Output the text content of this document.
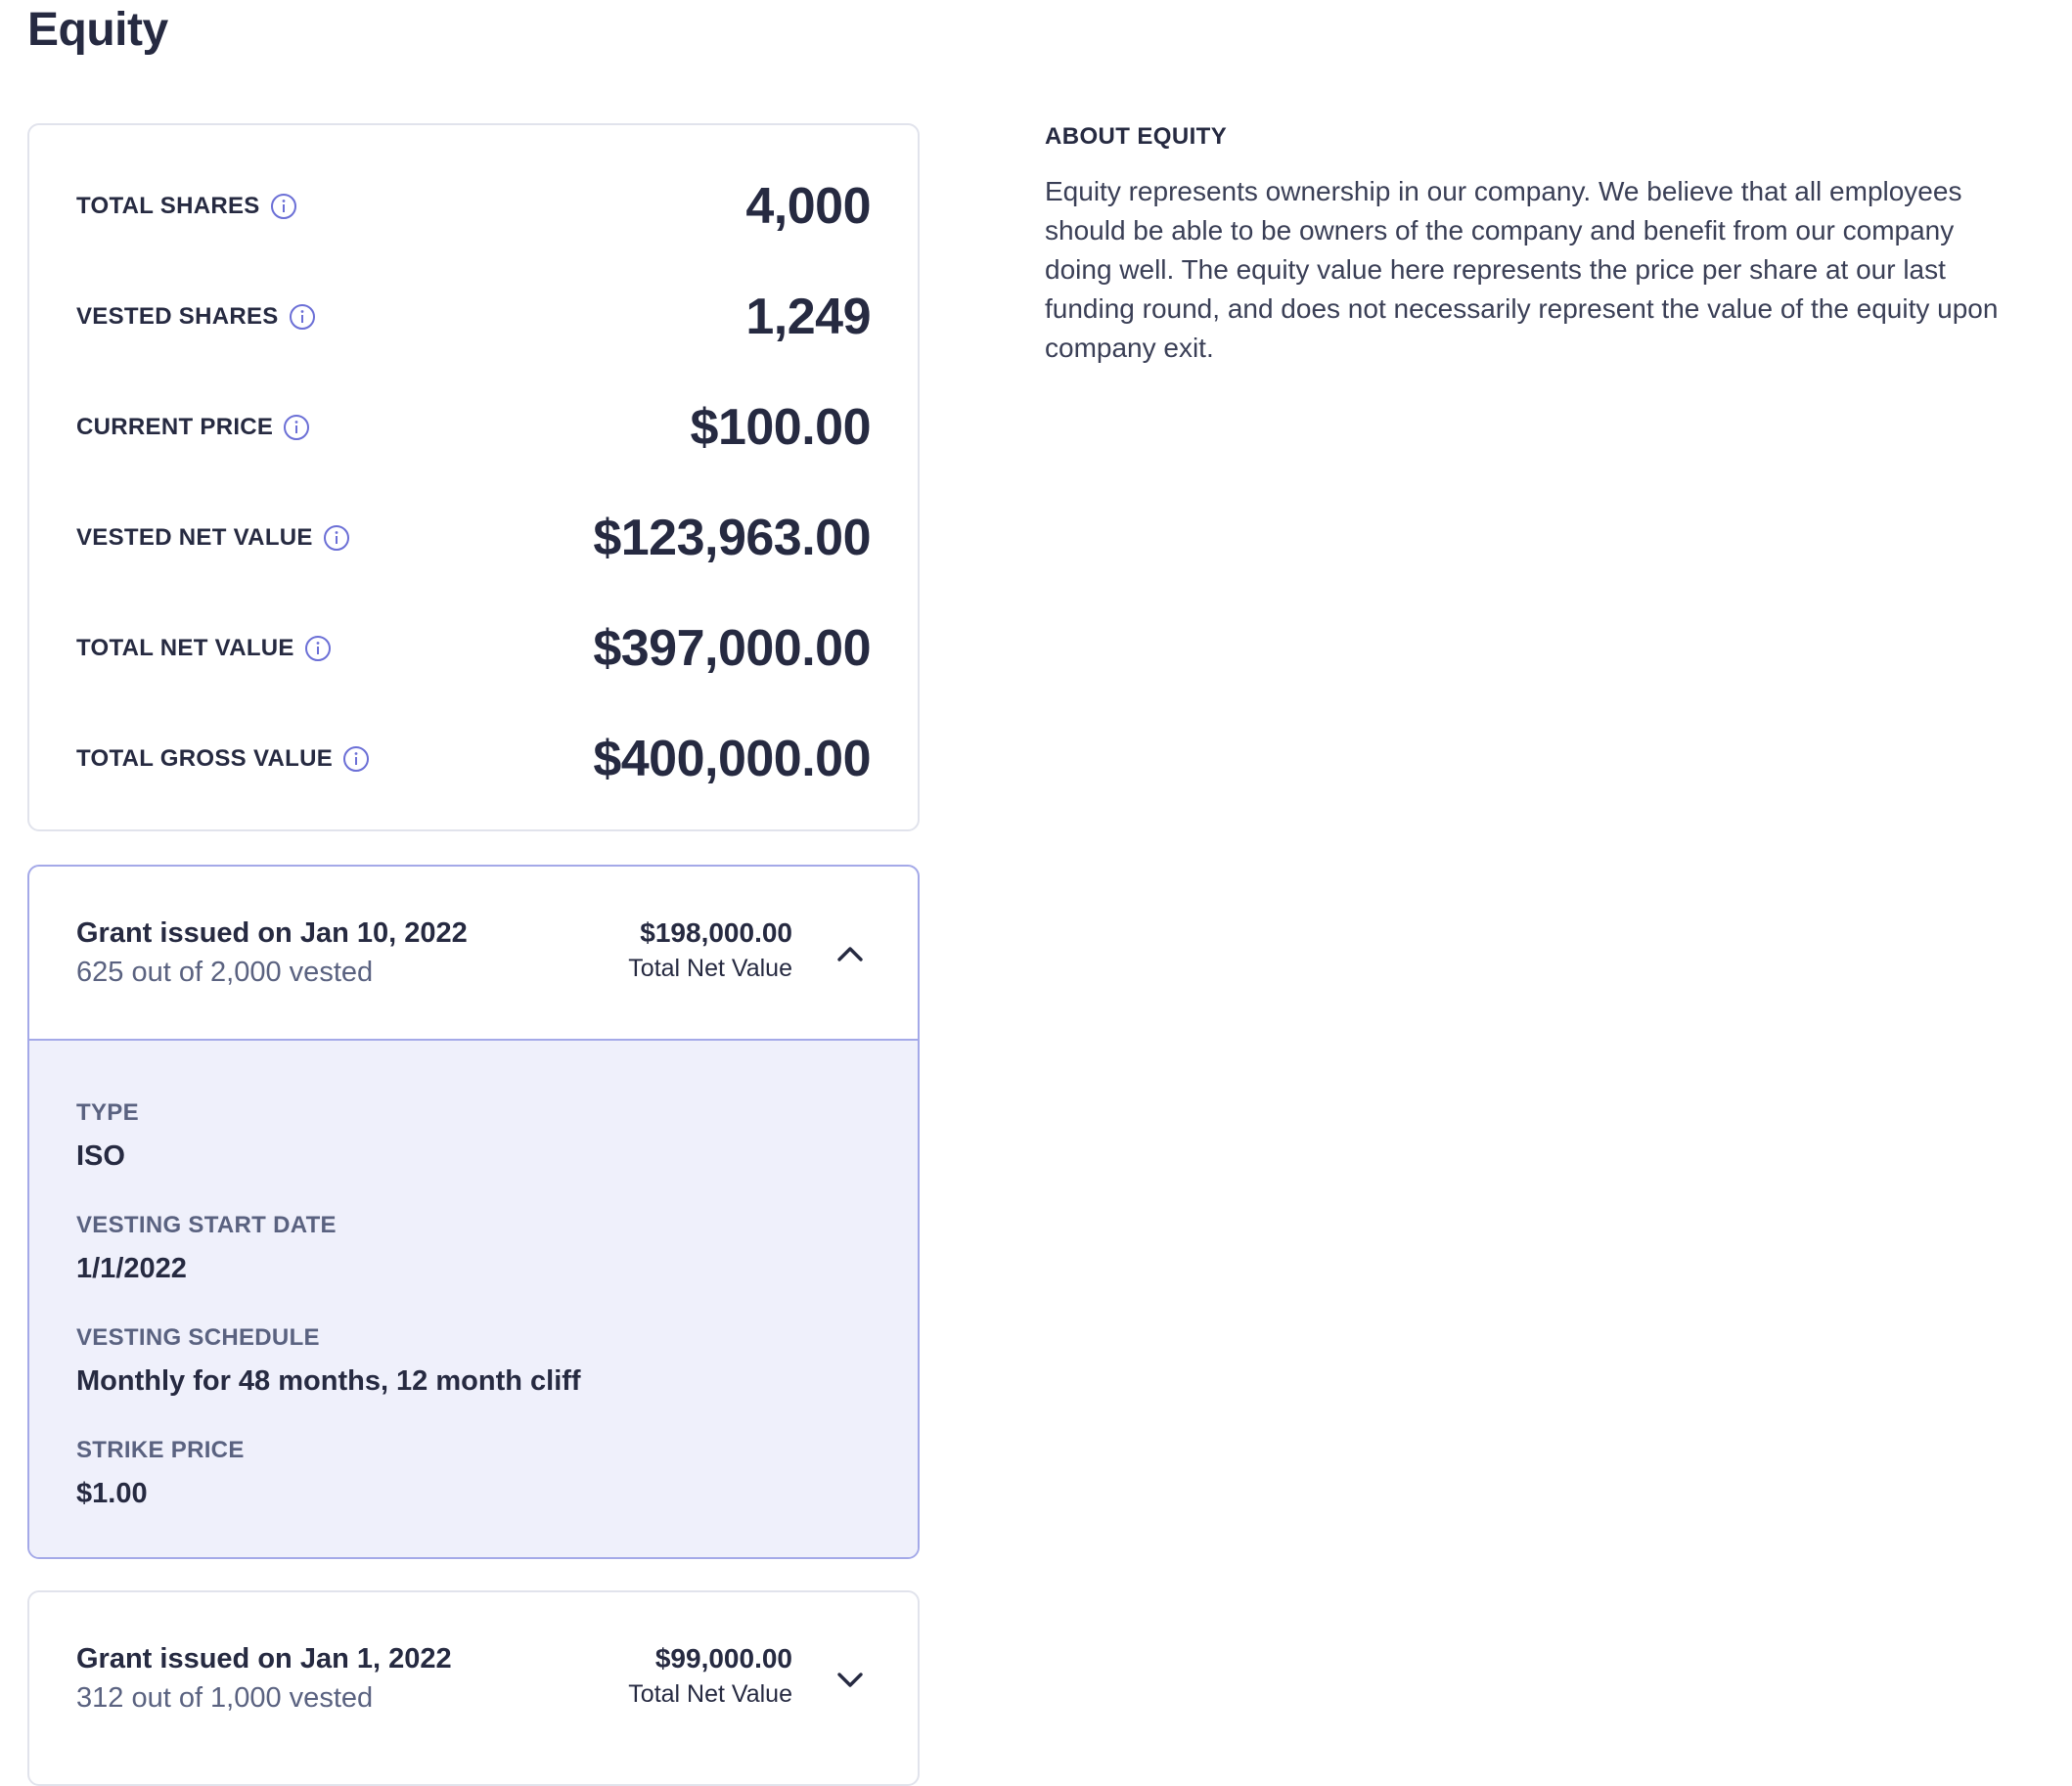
Equity
TOTAL SHARES	4,000
VESTED SHARES	1,249
CURRENT PRICE	$100.00
VESTED NET VALUE	$123,963.00
TOTAL NET VALUE	$397,000.00
TOTAL GROSS VALUE	$400,000.00
Grant issued on Jan 10, 2022
625 out of 2,000 vested
$198,000.00
Total Net Value
TYPE
ISO
VESTING START DATE
1/1/2022
VESTING SCHEDULE
Monthly for 48 months, 12 month cliff
STRIKE PRICE
$1.00
Grant issued on Jan 1, 2022
312 out of 1,000 vested
$99,000.00
Total Net Value
ABOUT EQUITY

Equity represents ownership in our company. We believe that all employees should be able to be owners of the company and benefit from our company doing well. The equity value here represents the price per share at our last funding round, and does not necessarily represent the value of the equity upon company exit.
